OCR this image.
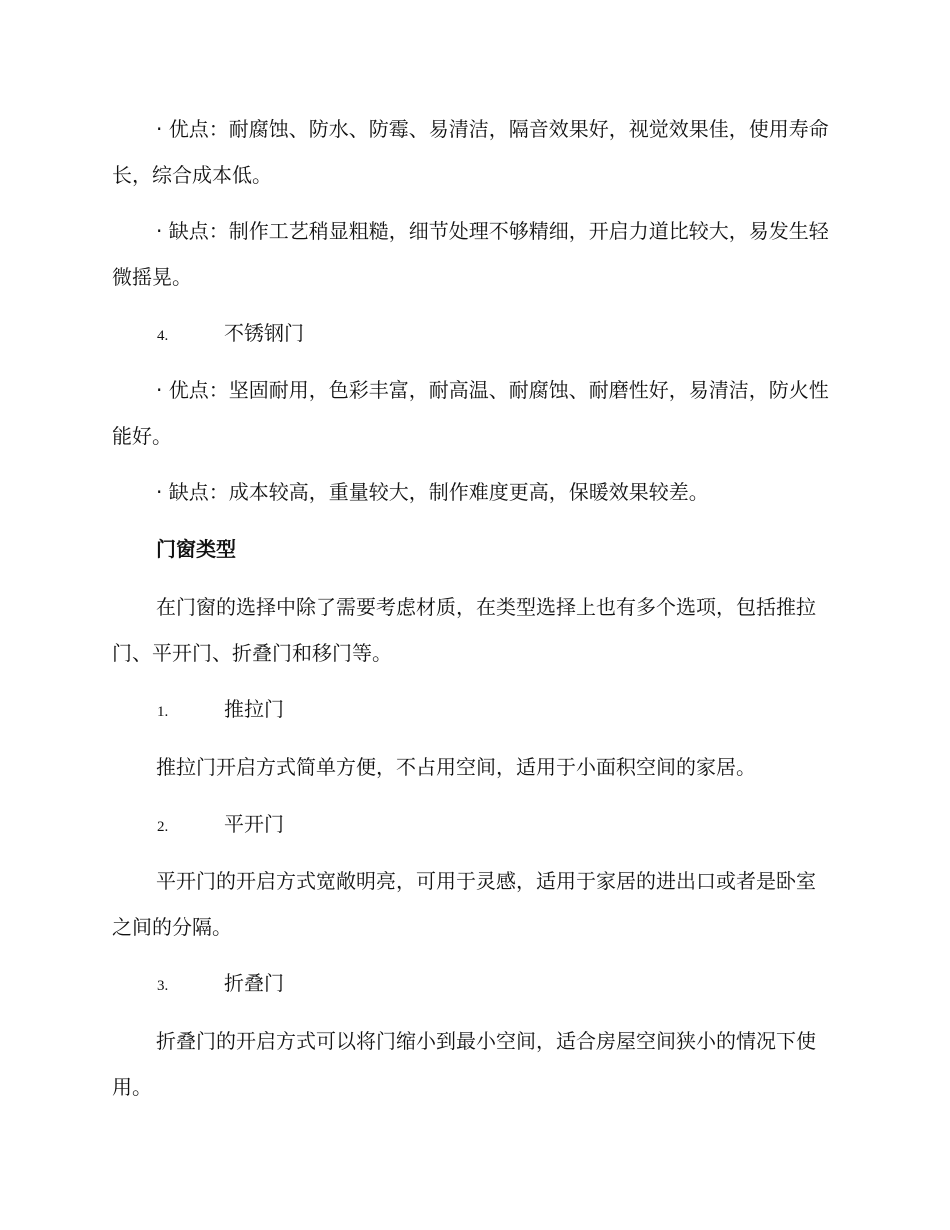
· 优点：耐腐蚀、防水、防霉、易清洁，隔音效果好，视觉效果佳，使用寿命长，综合成本低。

· 缺点：制作工艺稍显粗糙，细节处理不够精细，开启力道比较大，易发生轻微摇晃。

4.	不锈钢门

· 优点：坚固耐用，色彩丰富，耐高温、耐腐蚀、耐磨性好，易清洁，防火性能好。

· 缺点：成本较高，重量较大，制作难度更高，保暖效果较差。

门窗类型

在门窗的选择中除了需要考虑材质，在类型选择上也有多个选项，包括推拉门、平开门、折叠门和移门等。

1.	推拉门

推拉门开启方式简单方便，不占用空间，适用于小面积空间的家居。

2.	平开门

平开门的开启方式宽敞明亮，可用于灵感，适用于家居的进出口或者是卧室之间的分隔。

3.	折叠门

折叠门的开启方式可以将门缩小到最小空间，适合房屋空间狭小的情况下使用。
